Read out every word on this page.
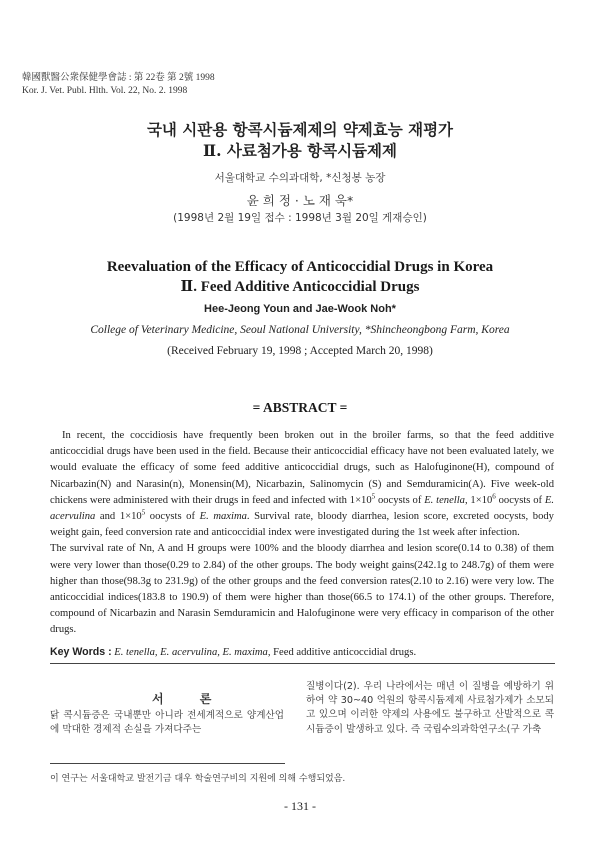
韓國獸醫公衆保健學會誌 : 第 22卷 第 2號 1998
Kor. J. Vet. Publ. Hlth. Vol. 22, No. 2. 1998
국내 시판용 항콕시듐제제의 약제효능 재평가
Ⅱ. 사료첨가용 항콕시듐제제
서울대학교 수의과대학, *신청봉 농장
윤 희 정 · 노 재 욱*
(1998년 2월 19일 접수 : 1998년 3월 20일 게재승인)
Reevaluation of the Efficacy of Anticoccidial Drugs in Korea
Ⅱ. Feed Additive Anticoccidial Drugs
Hee-Jeong Youn and Jae-Wook Noh*
College of Veterinary Medicine, Seoul National University, *Shincheongbong Farm, Korea
(Received February 19, 1998 ; Accepted March 20, 1998)
= ABSTRACT =

In recent, the coccidiosis have frequently been broken out in the broiler farms, so that the feed additive anticoccidial drugs have been used in the field. Because their anticoccidial efficacy have not been evaluated lately, we would evaluate the efficacy of some feed additive anticoccidial drugs, such as Halofuginone(H), compound of Nicarbazin(N) and Narasin(n), Monensin(M), Nicarbazin, Salinomycin (S) and Semduramicin(A). Five week-old chickens were administered with their drugs in feed and infected with $1\times 10^5$ oocysts of E. tenella, $1\times 10^6$ oocysts of E. acervulina and $1\times 10^5$ oocysts of E. maxima. Survival rate, bloody diarrhea, lesion score, excreted oocysts, body weight gain, feed conversion rate and anticoccidial index were investigated during the 1st week after infection.

The survival rate of Nn, A and H groups were 100% and the bloody diarrhea and lesion score(0.14 to 0.38) of them were very lower than those(0.29 to 2.84) of the other groups. The body weight gains(242.1g to 248.7g) of them were higher than those(98.3g to 231.9g) of the other groups and the feed conversion rates(2.10 to 2.16) were very low. The anticoccidial indices(183.8 to 190.9) of them were higher than those(66.5 to 174.1) of the other groups. Therefore, compound of Nicarbazin and Narasin Semduramicin and Halofuginone were very efficacy in comparison of the other drugs.

Key Words : E. tenella, E. acervulina, E. maxima, Feed additive anticoccidial drugs.
서 론
닭 콕시듐증은 국내뿐만 아니라 전세계적으로 양계산업에 막대한 경제적 손실을 가져다주는
질병이다(2). 우리 나라에서는 매년 이 질병을 예방하기 위하여 약 30~40 억원의 항콕시듐제제 사료첨가제가 소모되고 있으며 이러한 약제의 사용에도 불구하고 산발적으로 콕시듐증이 발생하고 있다. 즉 국립수의과학연구소(구 가축
이 연구는 서울대학교 발전기금 대우 학술연구비의 지원에 의해 수행되었음.
- 131 -
